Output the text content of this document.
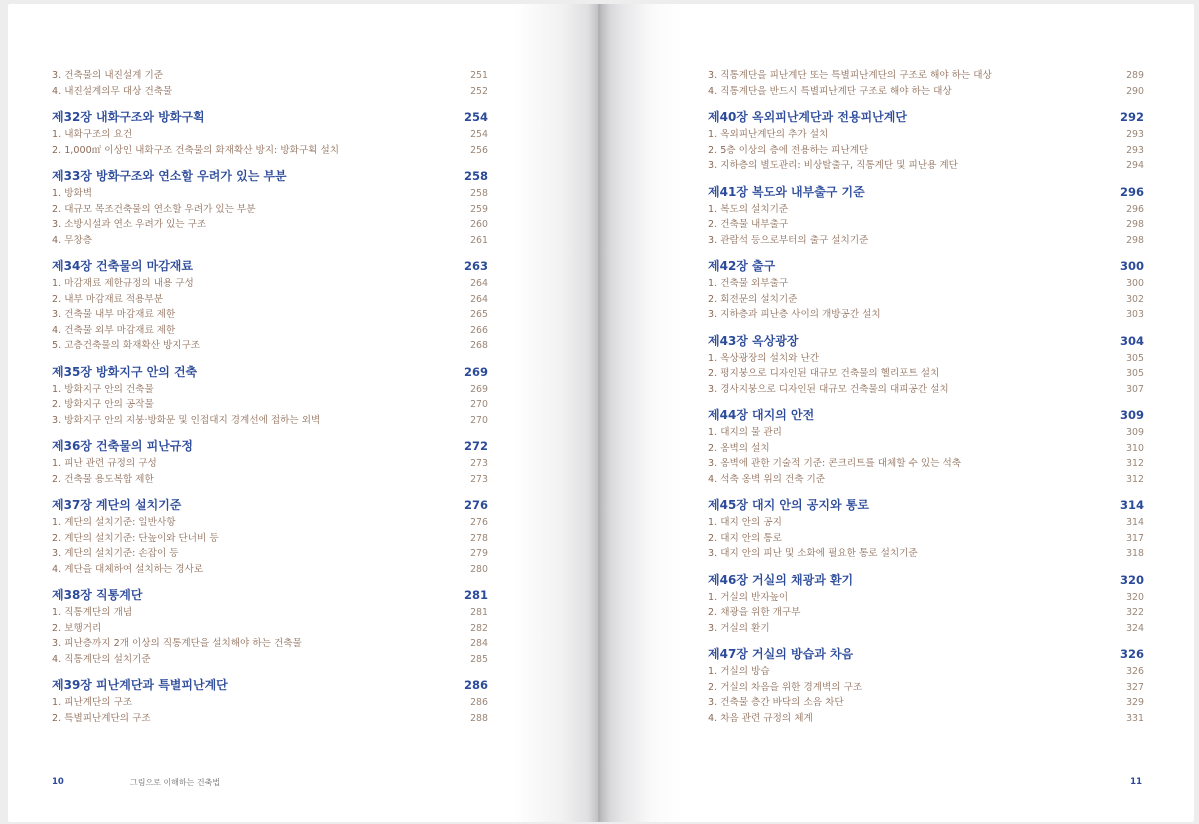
3. 건축물의 내진설계 기준	251
4. 내진설계의무 대상 건축물	252
제32장 내화구조와 방화구획	254
1. 내화구조의 요건	254
2. 1,000㎡ 이상인 내화구조 건축물의 화재확산 방지: 방화구획 설치	256
제33장 방화구조와 연소할 우려가 있는 부분	258
1. 방화벽	258
2. 대규모 목조건축물의 연소할 우려가 있는 부분	259
3. 소방시설과 연소 우려가 있는 구조	260
4. 무창층	261
제34장 건축물의 마감재료	263
1. 마감재료 제한규정의 내용 구성	264
2. 내부 마감재료 적용부분	264
3. 건축물 내부 마감재료 제한	265
4. 건축물 외부 마감재료 제한	266
5. 고층건축물의 화재확산 방지구조	268
제35장 방화지구 안의 건축	269
1. 방화지구 안의 건축물	269
2. 방화지구 안의 공작물	270
3. 방화지구 안의 지붕·방화문 및 인접대지 경계선에 접하는 외벽	270
제36장 건축물의 피난규정	272
1. 피난 관련 규정의 구성	273
2. 건축물 용도복합 제한	273
제37장 계단의 설치기준	276
1. 계단의 설치기준: 일반사항	276
2. 계단의 설치기준: 단높이와 단너비 등	278
3. 계단의 설치기준: 손잡이 등	279
4. 계단을 대체하여 설치하는 경사로	280
제38장 직통계단	281
1. 직통계단의 개념	281
2. 보행거리	282
3. 피난층까지 2개 이상의 직통계단을 설치해야 하는 건축물	284
4. 직통계단의 설치기준	285
제39장 피난계단과 특별피난계단	286
1. 피난계단의 구조	286
2. 특별피난계단의 구조	288
10	그림으로 이해하는 건축법
3. 직통계단을 피난계단 또는 특별피난계단의 구조로 해야 하는 대상	289
4. 직통계단을 반드시 특별피난계단 구조로 해야 하는 대상	290
제40장 옥외피난계단과 전용피난계단	292
1. 옥외피난계단의 추가 설치	293
2. 5층 이상의 층에 전용하는 피난계단	293
3. 지하층의 별도관리: 비상탈출구, 직통계단 및 피난용 계단	294
제41장 복도와 내부출구 기준	296
1. 복도의 설치기준	296
2. 건축물 내부출구	298
3. 관람석 등으로부터의 출구 설치기준	298
제42장 출구	300
1. 건축물 외부출구	300
2. 회전문의 설치기준	302
3. 지하층과 피난층 사이의 개방공간 설치	303
제43장 옥상광장	304
1. 옥상광장의 설치와 난간	305
2. 평지붕으로 디자인된 대규모 건축물의 헬리포트 설치	305
3. 경사지붕으로 디자인된 대규모 건축물의 대피공간 설치	307
제44장 대지의 안전	309
1. 대지의 물 관리	309
2. 옹벽의 설치	310
3. 옹벽에 관한 기술적 기준: 콘크리트를 대체할 수 있는 석축	312
4. 석축 옹벽 위의 건축 기준	312
제45장 대지 안의 공지와 통로	314
1. 대지 안의 공지	314
2. 대지 안의 통로	317
3. 대지 안의 피난 및 소화에 필요한 통로 설치기준	318
제46장 거실의 채광과 환기	320
1. 거실의 반자높이	320
2. 채광을 위한 개구부	322
3. 거실의 환기	324
제47장 거실의 방습과 차음	326
1. 거실의 방습	326
2. 거실의 차음을 위한 경계벽의 구조	327
3. 건축물 층간 바닥의 소음 차단	329
4. 차음 관련 규정의 체계	331
11
